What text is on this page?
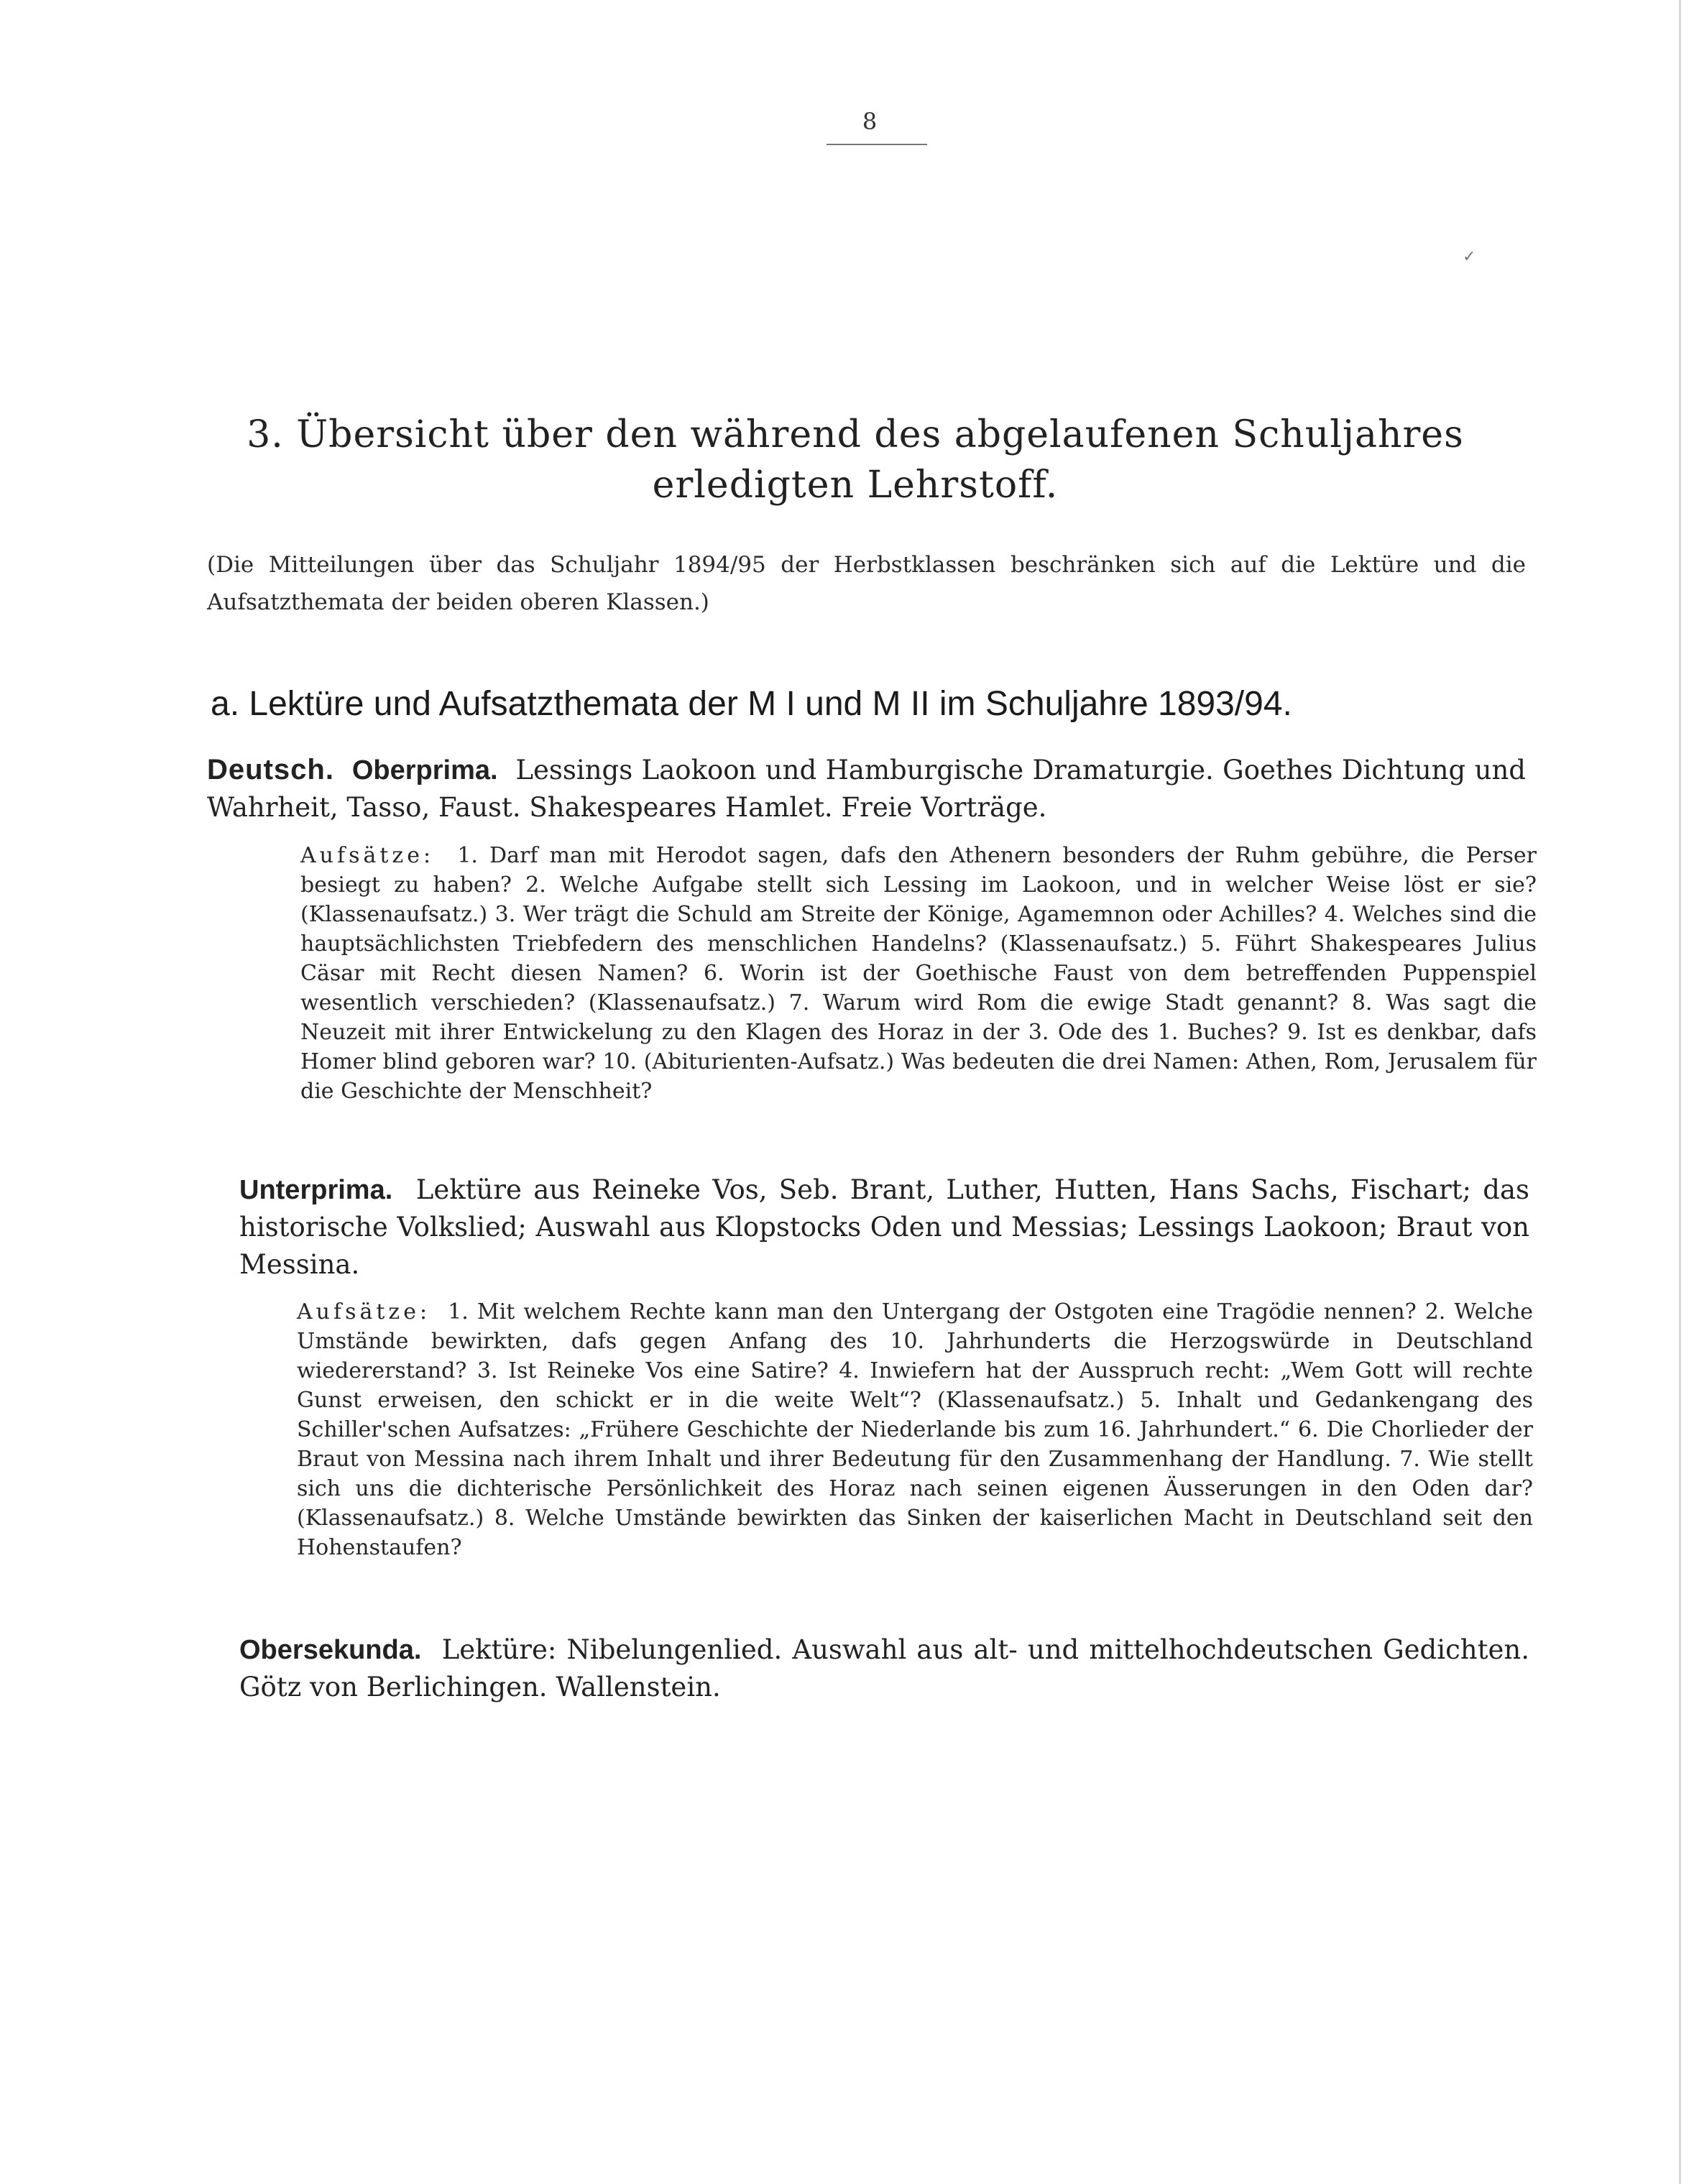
8
✓
3. Übersicht über den während des abgelaufenen Schuljahres
erledigten Lehrstoff.
(Die Mitteilungen über das Schuljahr 1894/95 der Herbstklassen beschränken sich auf die Lektüre und die Aufsatzthemata der beiden oberen Klassen.)
a. Lektüre und Aufsatzthemata der M I und M II im Schuljahre 1893/94.
Deutsch. Oberprima. Lessings Laokoon und Hamburgische Dramaturgie. Goethes Dichtung und Wahrheit, Tasso, Faust. Shakespeares Hamlet. Freie Vorträge.
Aufsätze: 1. Darf man mit Herodot sagen, dafs den Athenern besonders der Ruhm gebühre, die Perser besiegt zu haben? 2. Welche Aufgabe stellt sich Lessing im Laokoon, und in welcher Weise löst er sie? (Klassenaufsatz.) 3. Wer trägt die Schuld am Streite der Könige, Agamemnon oder Achilles? 4. Welches sind die hauptsächlichsten Triebfedern des menschlichen Handelns? (Klassenaufsatz.) 5. Führt Shakespeares Julius Cäsar mit Recht diesen Namen? 6. Worin ist der Goethische Faust von dem betreffenden Puppenspiel wesentlich verschieden? (Klassenaufsatz.) 7. Warum wird Rom die ewige Stadt genannt? 8. Was sagt die Neuzeit mit ihrer Entwickelung zu den Klagen des Horaz in der 3. Ode des 1. Buches? 9. Ist es denkbar, dafs Homer blind geboren war? 10. (Abiturienten-Aufsatz.) Was bedeuten die drei Namen: Athen, Rom, Jerusalem für die Geschichte der Menschheit?
Unterprima. Lektüre aus Reineke Vos, Seb. Brant, Luther, Hutten, Hans Sachs, Fischart; das historische Volkslied; Auswahl aus Klopstocks Oden und Messias; Lessings Laokoon; Braut von Messina.
Aufsätze: 1. Mit welchem Rechte kann man den Untergang der Ostgoten eine Tragödie nennen? 2. Welche Umstände bewirkten, dafs gegen Anfang des 10. Jahrhunderts die Herzogswürde in Deutschland wiedererstand? 3. Ist Reineke Vos eine Satire? 4. Inwiefern hat der Ausspruch recht: „Wem Gott will rechte Gunst erweisen, den schickt er in die weite Welt“? (Klassenaufsatz.) 5. Inhalt und Gedankengang des Schiller'schen Aufsatzes: „Frühere Geschichte der Niederlande bis zum 16. Jahrhundert.“ 6. Die Chorlieder der Braut von Messina nach ihrem Inhalt und ihrer Bedeutung für den Zusammenhang der Handlung. 7. Wie stellt sich uns die dichterische Persönlichkeit des Horaz nach seinen eigenen Äusserungen in den Oden dar? (Klassenaufsatz.) 8. Welche Umstände bewirkten das Sinken der kaiserlichen Macht in Deutschland seit den Hohenstaufen?
Obersekunda. Lektüre: Nibelungenlied. Auswahl aus alt- und mittelhochdeutschen Gedichten. Götz von Berlichingen. Wallenstein.
